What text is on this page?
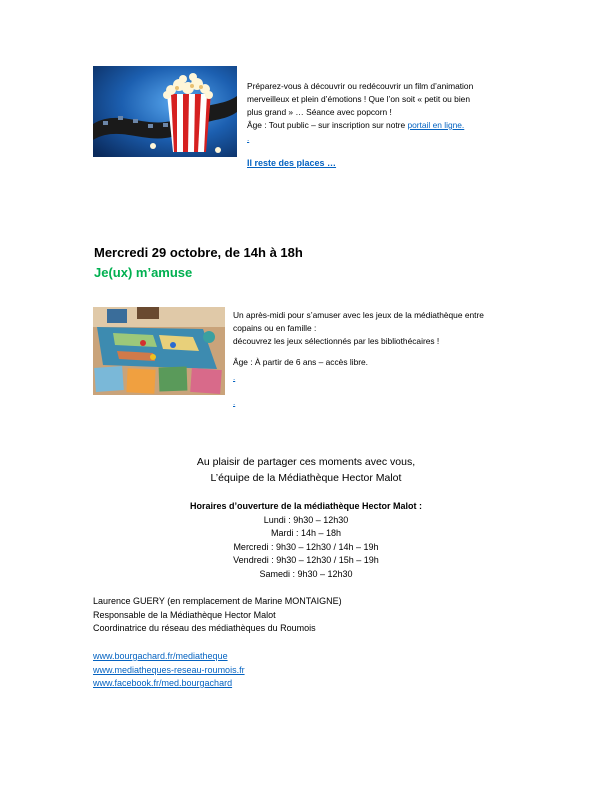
Préparez-vous à découvrir ou redécouvrir un film d’animation
merveilleux et plein d’émotions ! Que l’on soit « petit ou bien
plus grand » … Séance avec popcorn !
Âge : Tout public – sur inscription sur notre portail en ligne.
.
Il reste des places …
Mercredi 29 octobre, de 14h à 18h
Je(ux) m’amuse
Un après-midi pour s’amuser avec les jeux de la médiathèque entre
copains ou en famille :
découvrez les jeux sélectionnés par les bibliothécaires !
Âge : À partir de 6 ans – accès libre.
.
.
Au plaisir de partager ces moments avec vous,
L’équipe de la Médiathèque Hector Malot
Horaires d’ouverture de la médiathèque Hector Malot :
Lundi : 9h30 – 12h30
Mardi : 14h – 18h
Mercredi : 9h30 – 12h30 / 14h – 19h
Vendredi : 9h30 – 12h30 / 15h – 19h
Samedi : 9h30 – 12h30
Laurence GUERY (en remplacement de Marine MONTAIGNE)
Responsable de la Médiathèque Hector Malot
Coordinatrice du réseau des médiathèques du Roumois
www.bourgachard.fr/mediatheque
www.mediatheques-reseau-roumois.fr
www.facebook.fr/med.bourgachard
